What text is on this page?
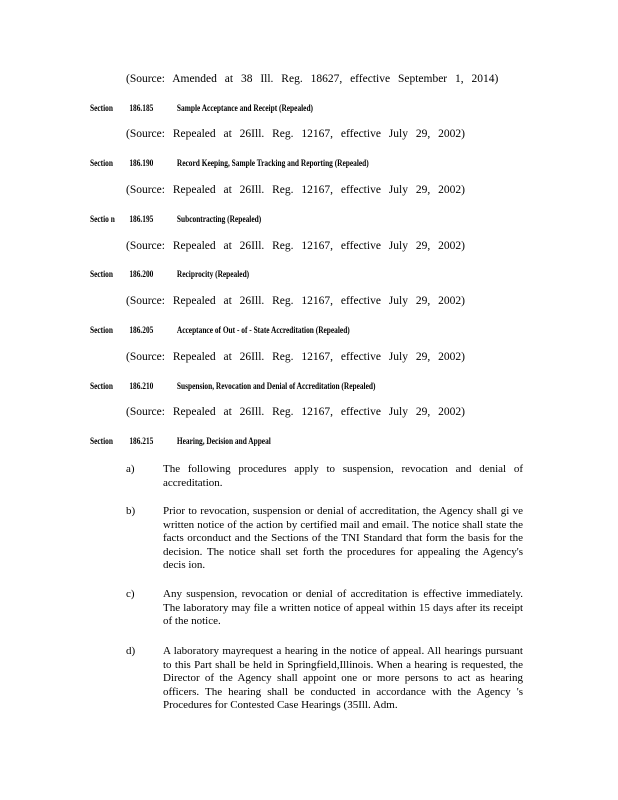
(Source: Amended at 38 Ill. Reg. 18627, effective September 1, 2014)
Section 186.185	Sample Acceptance and Receipt (Repealed)
(Source: Repealed at 26Ill. Reg. 12167, effective July 29, 2002)
Section 186.190	Record Keeping, Sample Tracking and Reporting (Repealed)
(Source: Repealed at 26Ill. Reg. 12167, effective July 29, 2002)
Sectio n 186.195	Subcontracting (Repealed)
(Source: Repealed at 26Ill. Reg. 12167, effective July 29, 2002)
Section 186.200	Reciprocity (Repealed)
(Source: Repealed at 26Ill. Reg. 12167, effective July 29, 2002)
Section 186.205	Acceptance of Out - of - State Accreditation (Repealed)
(Source: Repealed at 26Ill. Reg. 12167, effective July 29, 2002)
Section 186.210	Suspension, Revocation and Denial of Accreditation (Repealed)
(Source: Repealed at 26Ill. Reg. 12167, effective July 29, 2002)
Section 186.215	Hearing, Decision and Appeal
a)	The following procedures apply to suspension, revocation and denial of accreditation.
b)	Prior to revocation, suspension or denial of accreditation, the Agency shall gi ve written notice of the action by certified mail and email. The notice shall state the facts orconduct and the Sections of the TNI Standard that form the basis for the decision. The notice shall set forth the procedures for appealing the Agency's decis ion.
c)	Any suspension, revocation or denial of accreditation is effective immediately. The laboratory may file a written notice of appeal within 15 days after its receipt of the notice.
d)	A laboratory mayrequest a hearing in the notice of appeal. All hearings pursuant to this Part shall be held in Springfield,Illinois. When a hearing is requested, the Director of the Agency shall appoint one or more persons to act as hearing officers. The hearing shall be conducted in accordance with the Agency 's Procedures for Contested Case Hearings (35Ill. Adm.
